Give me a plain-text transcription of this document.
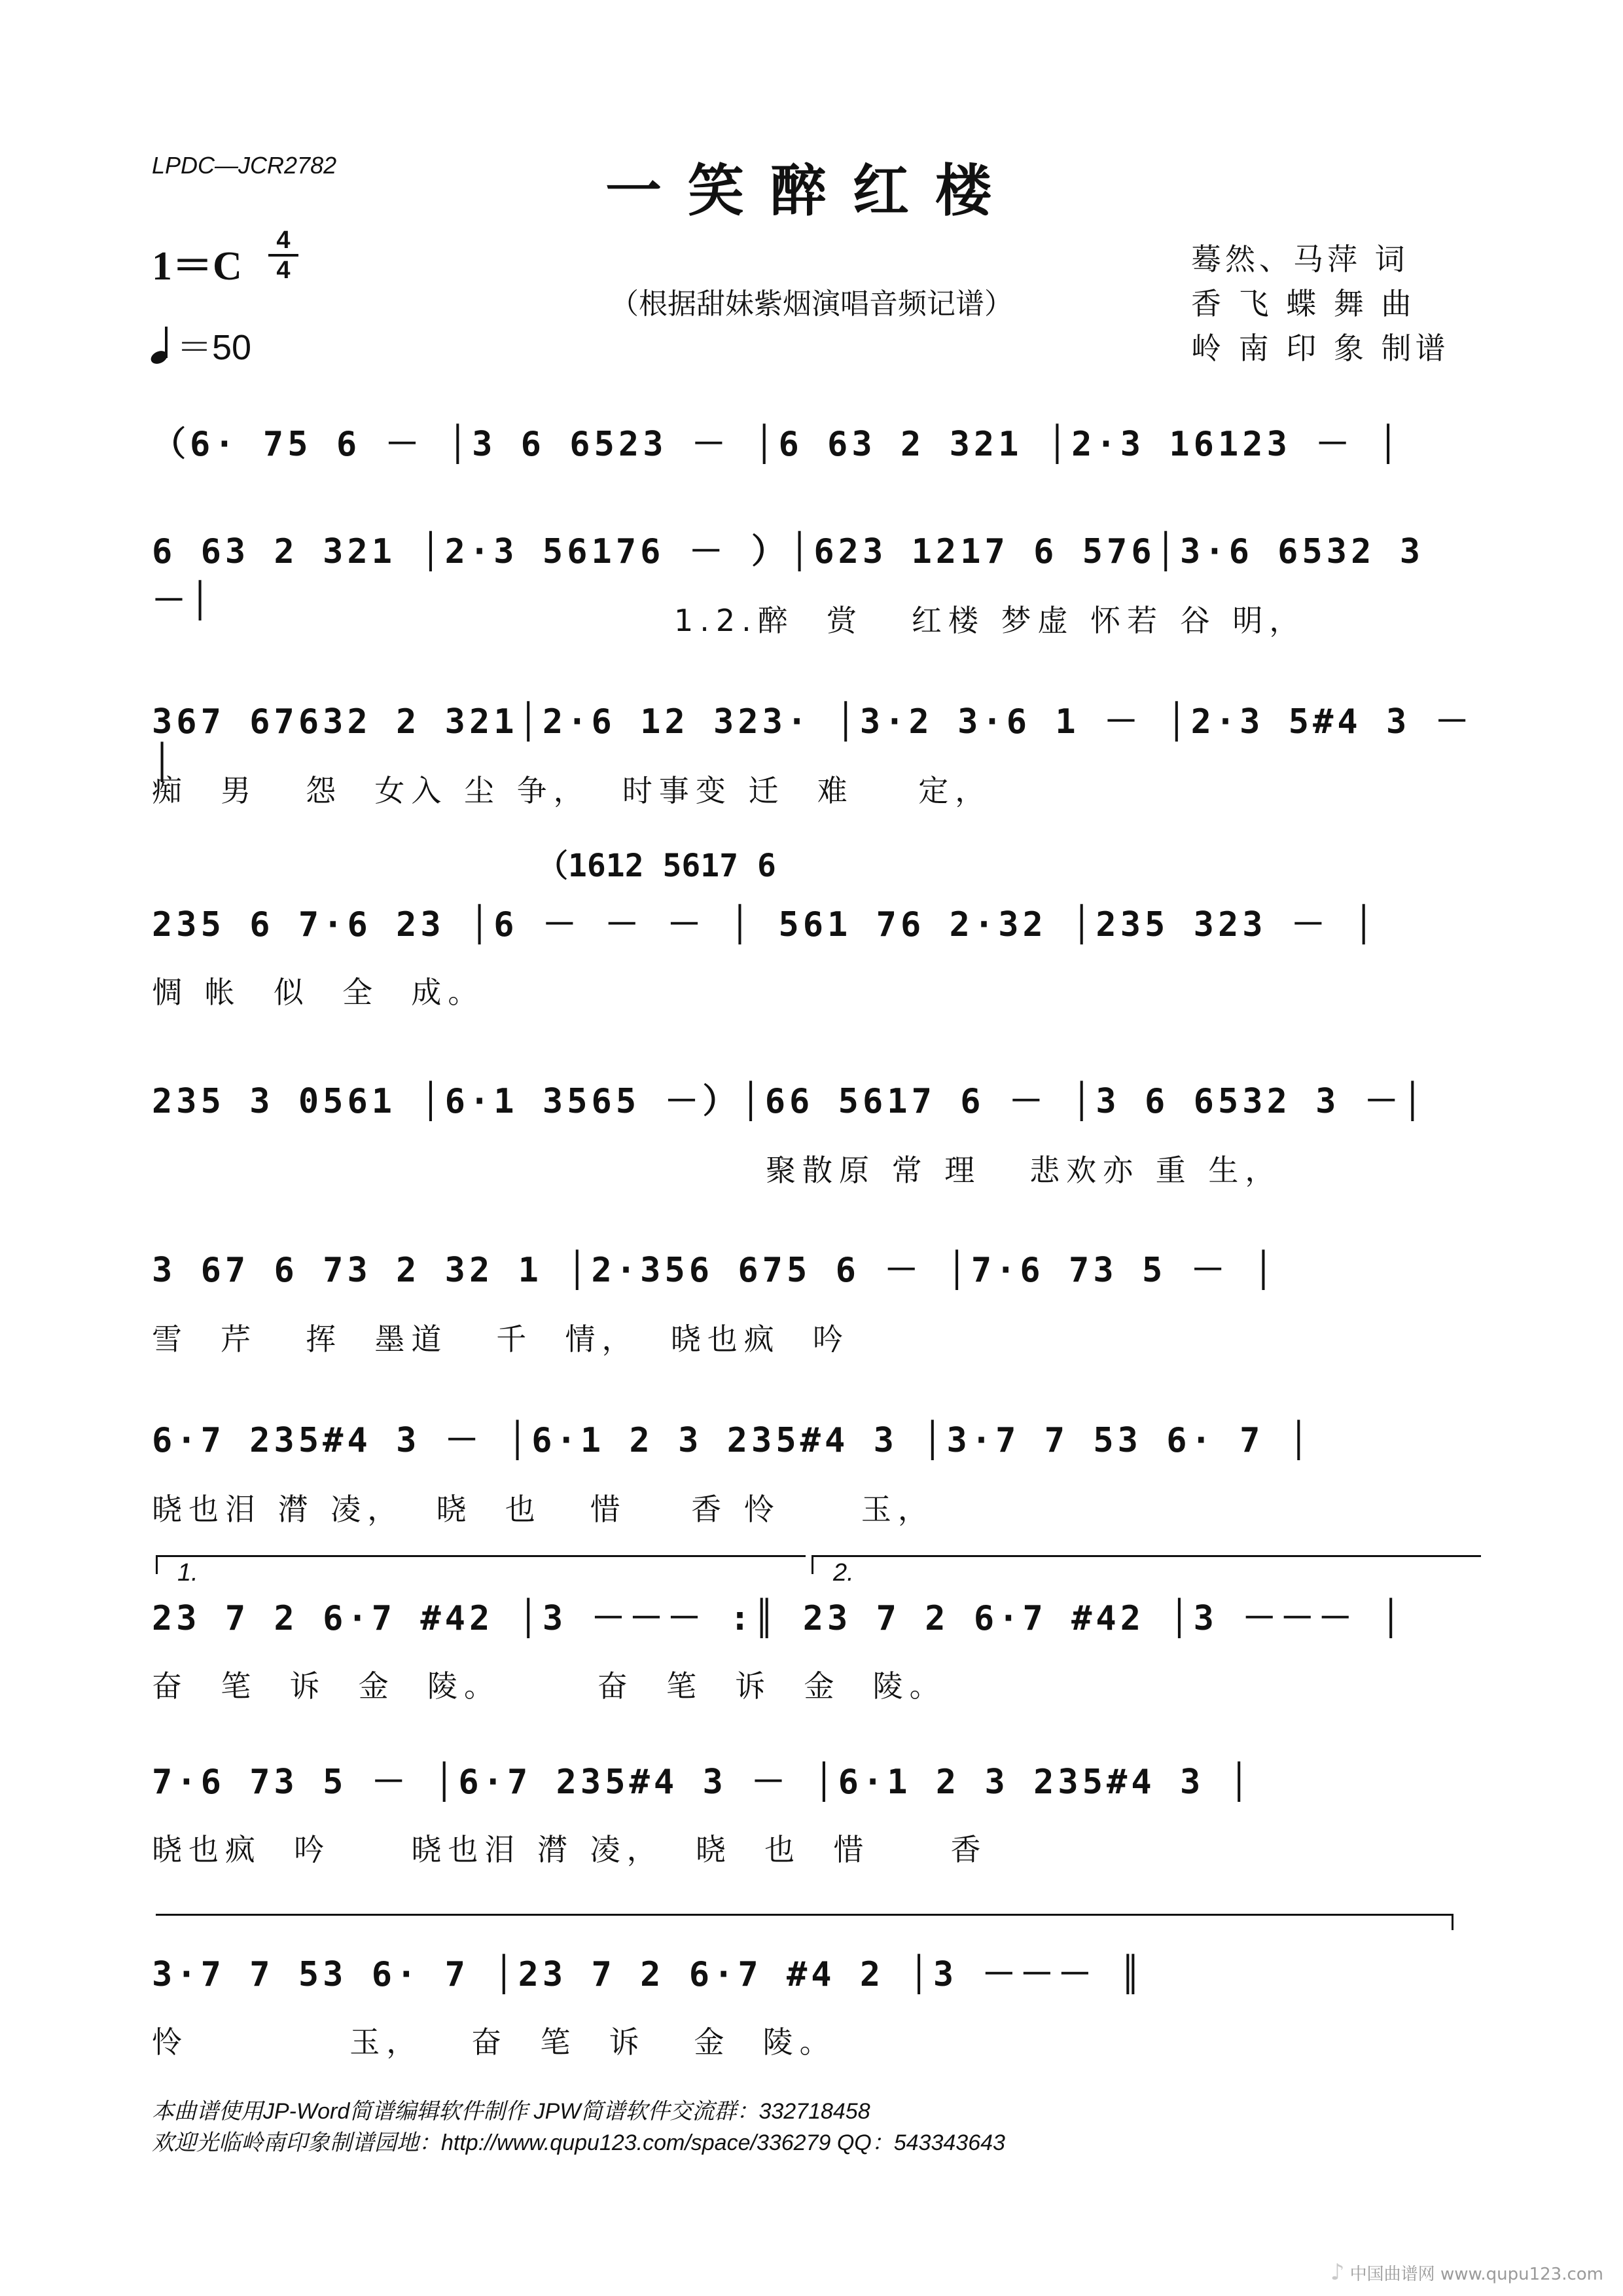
LPDC—JCR2782	一笑醉红楼
1＝C
4
4
＝50
（根据甜妹紫烟演唱音频记谱）
蓦然、马萍 词
香 飞 蝶 舞 曲
岭 南 印 象 制谱
（6· 75 6 － │3 6 6523 － │6 63 2 321 │2·3 16123 － │
6 63 2 321 │2·3 56176 － ）│623 1217 6 576│3·6 6532 3 －│	1.2.醉  赏   红楼 梦虚 怀若 谷 明，
367 67632 2 321│2·6 12 323· │3·2 3·6 1 － │2·3 5#4 3 － │
痴  男   怨  女入 尘 争，  时事变 迁  难    定，
（1612 5617 6
235 6 7·6 23 │6 － － － │ 561 76 2·32 │235 323 － │
惆 帐  似  全  成。
235 3 0561 │6·1 3565 －）│66 5617 6 － │3 6 6532 3 －│
聚散原 常 理   悲欢亦 重 生，
3 67 6 73 2 32 1 │2·356 675 6 － │7·6 73 5 － │
雪  芹   挥  墨道   千  情，  晓也疯  吟
6·7 235#4 3 － │6·1 2 3 235#4 3 │3·7 7 53 6· 7 │
晓也泪 潸 凌，  晓  也   惜    香 怜     玉，
1.	2.
23 7 2 6·7 #42 │3 －－－ :║ 23 7 2 6·7 #42 │3 －－－ │
奋  笔  诉  金  陵。      奋  笔  诉  金  陵。
7·6 73 5 － │6·7 235#4 3 － │6·1 2 3 235#4 3 │
晓也疯  吟     晓也泪 潸 凌，  晓  也  惜     香
3·7 7 53 6· 7 │23 7 2 6·7 #4 2 │3 －－－ ║
怜          玉，   奋  笔  诉   金  陵。
本曲谱使用JP-Word简谱编辑软件制作 JPW简谱软件交流群：332718458
欢迎光临岭南印象制谱园地：http://www.qupu123.com/space/336279 QQ：543343643
♪ 中国曲谱网 www.qupu123.com
